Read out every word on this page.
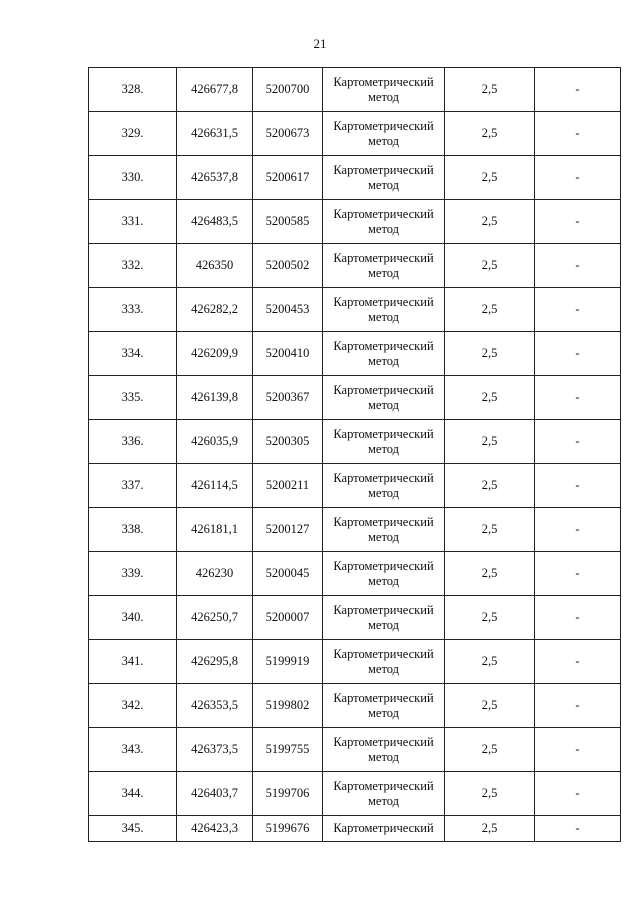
21
328.	426677,8	5200700	Картометрический метод	2,5	-
329.	426631,5	5200673	Картометрический метод	2,5	-
330.	426537,8	5200617	Картометрический метод	2,5	-
331.	426483,5	5200585	Картометрический метод	2,5	-
332.	426350	5200502	Картометрический метод	2,5	-
333.	426282,2	5200453	Картометрический метод	2,5	-
334.	426209,9	5200410	Картометрический метод	2,5	-
335.	426139,8	5200367	Картометрический метод	2,5	-
336.	426035,9	5200305	Картометрический метод	2,5	-
337.	426114,5	5200211	Картометрический метод	2,5	-
338.	426181,1	5200127	Картометрический метод	2,5	-
339.	426230	5200045	Картометрический метод	2,5	-
340.	426250,7	5200007	Картометрический метод	2,5	-
341.	426295,8	5199919	Картометрический метод	2,5	-
342.	426353,5	5199802	Картометрический метод	2,5	-
343.	426373,5	5199755	Картометрический метод	2,5	-
344.	426403,7	5199706	Картометрический метод	2,5	-
345.	426423,3	5199676	Картометрический	2,5	-
